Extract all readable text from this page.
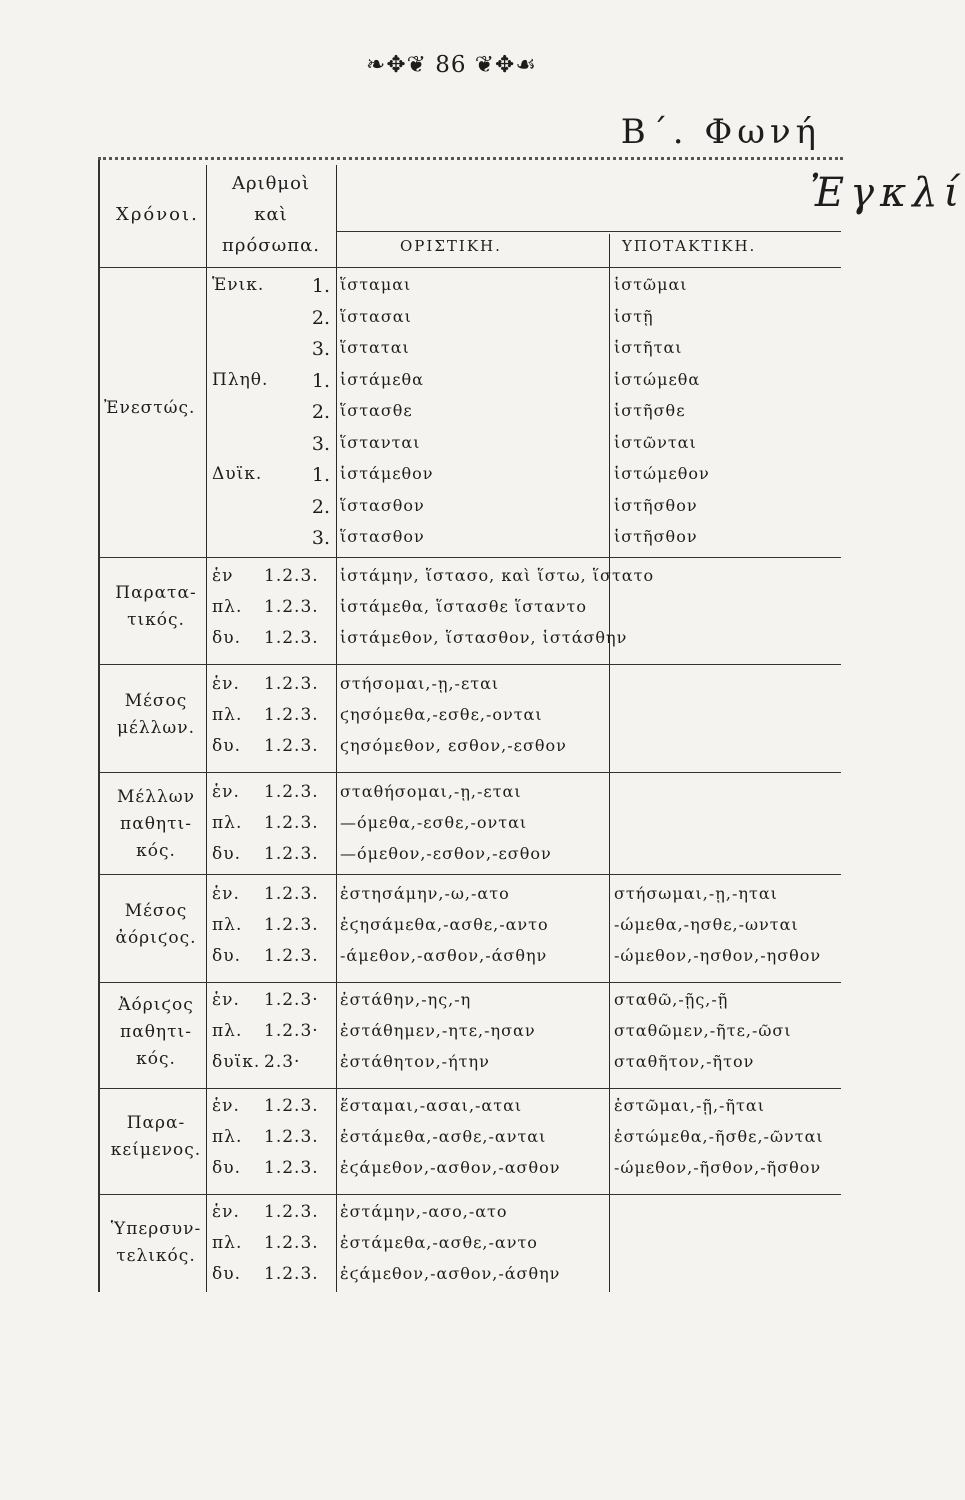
❧✥❦ 86 ❦✥☙
Β΄. Φωνή
Χρόνοι.
Αριθμοὶ
καὶ
πρόσωπα.
Ἐγκλί
ΟΡΙΣΤΙΚΗ.	ΥΠΟΤΑΚΤΙΚΗ.
Ἐνεστώς.
Ἑνικ.	1. ἵσταμαι	ἱστῶμαι
2. ἵστασαι	ἱστῇ
3. ἵσταται	ἱστῆται
Πληθ.	1. ἱστάμεθα	ἱστώμεθα
2. ἵστασθε	ἱστῆσθε
3. ἵστανται	ἱστῶνται
Δυϊκ.	1. ἱστάμεθον	ἱστώμεθον
2. ἵστασθον	ἱστῆσθον
3. ἵστασθον	ἱστῆσθον
Παρατα-
τικός.
ἑν 1.2.3. ἱστάμην, ἵστασο, καὶ ἵστω, ἵστατο
πλ. 1.2.3. ἱστάμεθα, ἵστασθε ἵσταντο
δυ. 1.2.3. ἱστάμεθον, ἵστασθον, ἱστάσθην
Μέσος
μέλλων.
ἑν. 1.2.3. στήσομαι,-ῃ,-εται
πλ. 1.2.3. ϛησόμεθα,-εσθε,-ονται
δυ. 1.2.3. ϛησόμεθον, εσθον,-εσθον
Μέλλων
παθητι-
κός.
ἑν. 1.2.3. σταθήσομαι,-ῃ,-εται
πλ. 1.2.3. —όμεθα,-εσθε,-ονται
δυ. 1.2.3. —όμεθον,-εσθον,-εσθον
Μέσος
ἀόριϛος.
ἑν. 1.2.3. ἐστησάμην,-ω,-ατο	στήσωμαι,-ῃ,-ηται
πλ. 1.2.3. ἐϛησάμεθα,-ασθε,-αντο	-ώμεθα,-ησθε,-ωνται
δυ. 1.2.3. -άμεθον,-ασθον,-άσθην	-ώμεθον,-ησθον,-ησθον
Ἀόριϛος
παθητι-
κός.
ἑν. 1.2.3· ἐστάθην,-ης,-η	σταθῶ,-ῇς,-ῇ
πλ. 1.2.3· ἐστάθημεν,-ητε,-ησαν	σταθῶμεν,-ῆτε,-ῶσι
δυϊκ. 2.3· ἐστάθητον,-ήτην	σταθῆτον,-ῆτον
Παρα-
κείμενος.
ἑν. 1.2.3. ἕσταμαι,-ασαι,-αται	ἑστῶμαι,-ῇ,-ῆται
πλ. 1.2.3. ἐστάμεθα,-ασθε,-ανται	ἑστώμεθα,-ῆσθε,-ῶνται
δυ. 1.2.3. ἐϛάμεθον,-ασθον,-ασθον	-ώμεθον,-ῆσθον,-ῆσθον
Ὑπερσυν-
τελικός.
ἑν. 1.2.3. ἑστάμην,-ασο,-ατο
πλ. 1.2.3. ἐστάμεθα,-ασθε,-αντο
δυ. 1.2.3. ἐϛάμεθον,-ασθον,-άσθην
